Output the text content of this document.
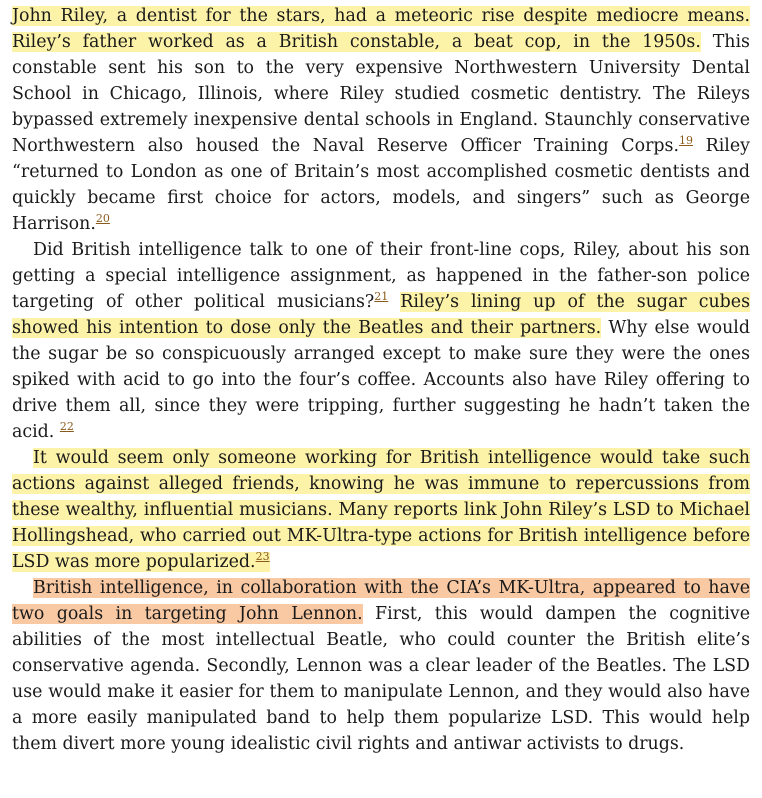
John Riley, a dentist for the stars, had a meteoric rise despite mediocre means. Riley’s father worked as a British constable, a beat cop, in the 1950s. This constable sent his son to the very expensive Northwestern University Dental School in Chicago, Illinois, where Riley studied cosmetic dentistry. The Rileys bypassed extremely inexpensive dental schools in England. Staunchly conservative Northwestern also housed the Naval Reserve Officer Training Corps.$^{19}$ Riley “returned to London as one of Britain’s most accomplished cosmetic dentists and quickly became first choice for actors, models, and singers” such as George Harrison.$^{20}$

Did British intelligence talk to one of their front-line cops, Riley, about his son getting a special intelligence assignment, as happened in the father-son police targeting of other political musicians?$^{21}$ Riley’s lining up of the sugar cubes showed his intention to dose only the Beatles and their partners. Why else would the sugar be so conspicuously arranged except to make sure they were the ones spiked with acid to go into the four’s coffee. Accounts also have Riley offering to drive them all, since they were tripping, further suggesting he hadn’t taken the acid. $^{22}$

It would seem only someone working for British intelligence would take such actions against alleged friends, knowing he was immune to repercussions from these wealthy, influential musicians. Many reports link John Riley’s LSD to Michael Hollingshead, who carried out MK-Ultra-type actions for British intelligence before LSD was more popularized.$^{23}$

British intelligence, in collaboration with the CIA’s MK-Ultra, appeared to have two goals in targeting John Lennon. First, this would dampen the cognitive abilities of the most intellectual Beatle, who could counter the British elite’s conservative agenda. Secondly, Lennon was a clear leader of the Beatles. The LSD use would make it easier for them to manipulate Lennon, and they would also have a more easily manipulated band to help them popularize LSD. This would help them divert more young idealistic civil rights and antiwar activists to drugs.
